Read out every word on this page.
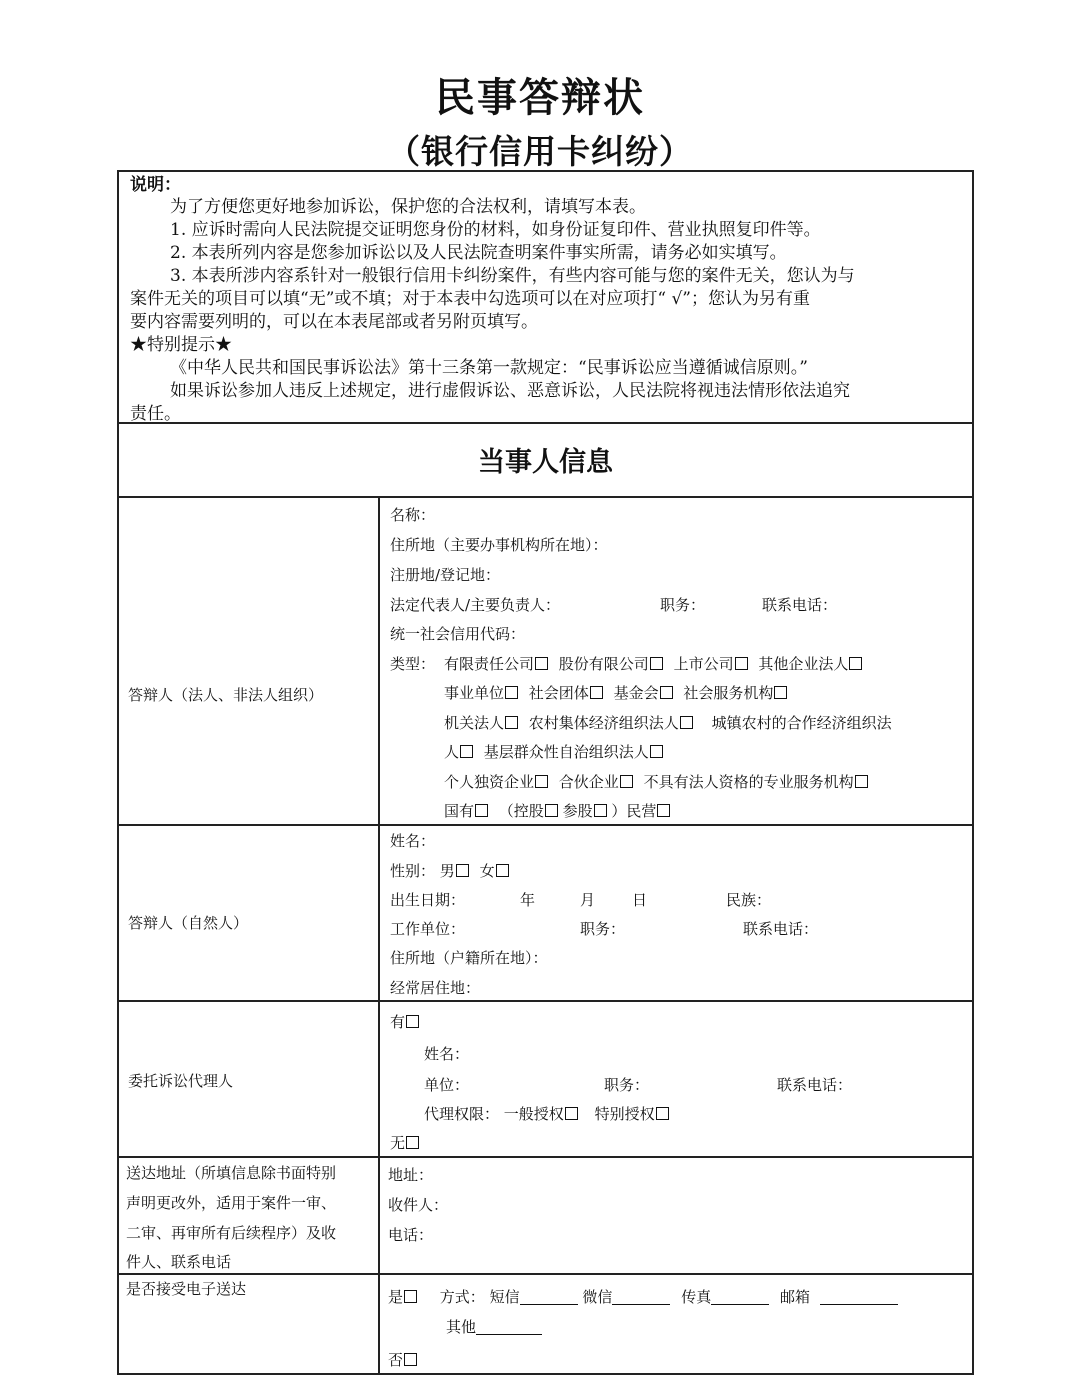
民事答辩状
（银行信用卡纠纷）
说明：
为了方便您更好地参加诉讼，保护您的合法权利，请填写本表。
1. 应诉时需向人民法院提交证明您身份的材料，如身份证复印件、营业执照复印件等。
2. 本表所列内容是您参加诉讼以及人民法院查明案件事实所需，请务必如实填写。
3. 本表所涉内容系针对一般银行信用卡纠纷案件，有些内容可能与您的案件无关，您认为与
案件无关的项目可以填“无”或不填；对于本表中勾选项可以在对应项打“ √”；您认为另有重
要内容需要列明的，可以在本表尾部或者另附页填写。
★特别提示★
《中华人民共和国民事诉讼法》第十三条第一款规定：“民事诉讼应当遵循诚信原则。”
如果诉讼参加人违反上述规定，进行虚假诉讼、恶意诉讼，人民法院将视违法情形依法追究
责任。
当事人信息
答辩人（法人、非法人组织）
名称：
住所地（主要办事机构所在地）：
注册地/登记地：
法定代表人/主要负责人：	职务：	联系电话：
统一社会信用代码：
类型： 有限责任公司 股份有限公司 上市公司 其他企业法人
事业单位 社会团体 基金会 社会服务机构
机关法人 农村集体经济组织法人 城镇农村的合作经济组织法
人 基层群众性自治组织法人
个人独资企业 合伙企业 不具有法人资格的专业服务机构
国有 （控股 参股 ）民营
答辩人（自然人）
姓名：
性别： 男 女
出生日期：	年	月 日	民族：
工作单位：	职务：	联系电话：
住所地（户籍所在地）：
经常居住地：
委托诉讼代理人
有
姓名：
单位：	职务：	联系电话：
代理权限： 一般授权 特别授权
无
送达地址（所填信息除书面特别
声明更改外，适用于案件一审、
二审、再审所有后续程序）及收
件人、联系电话
地址：
收件人：
电话：
是否接受电子送达	是 方式： 短信	微信	传真	邮箱
其他
否
